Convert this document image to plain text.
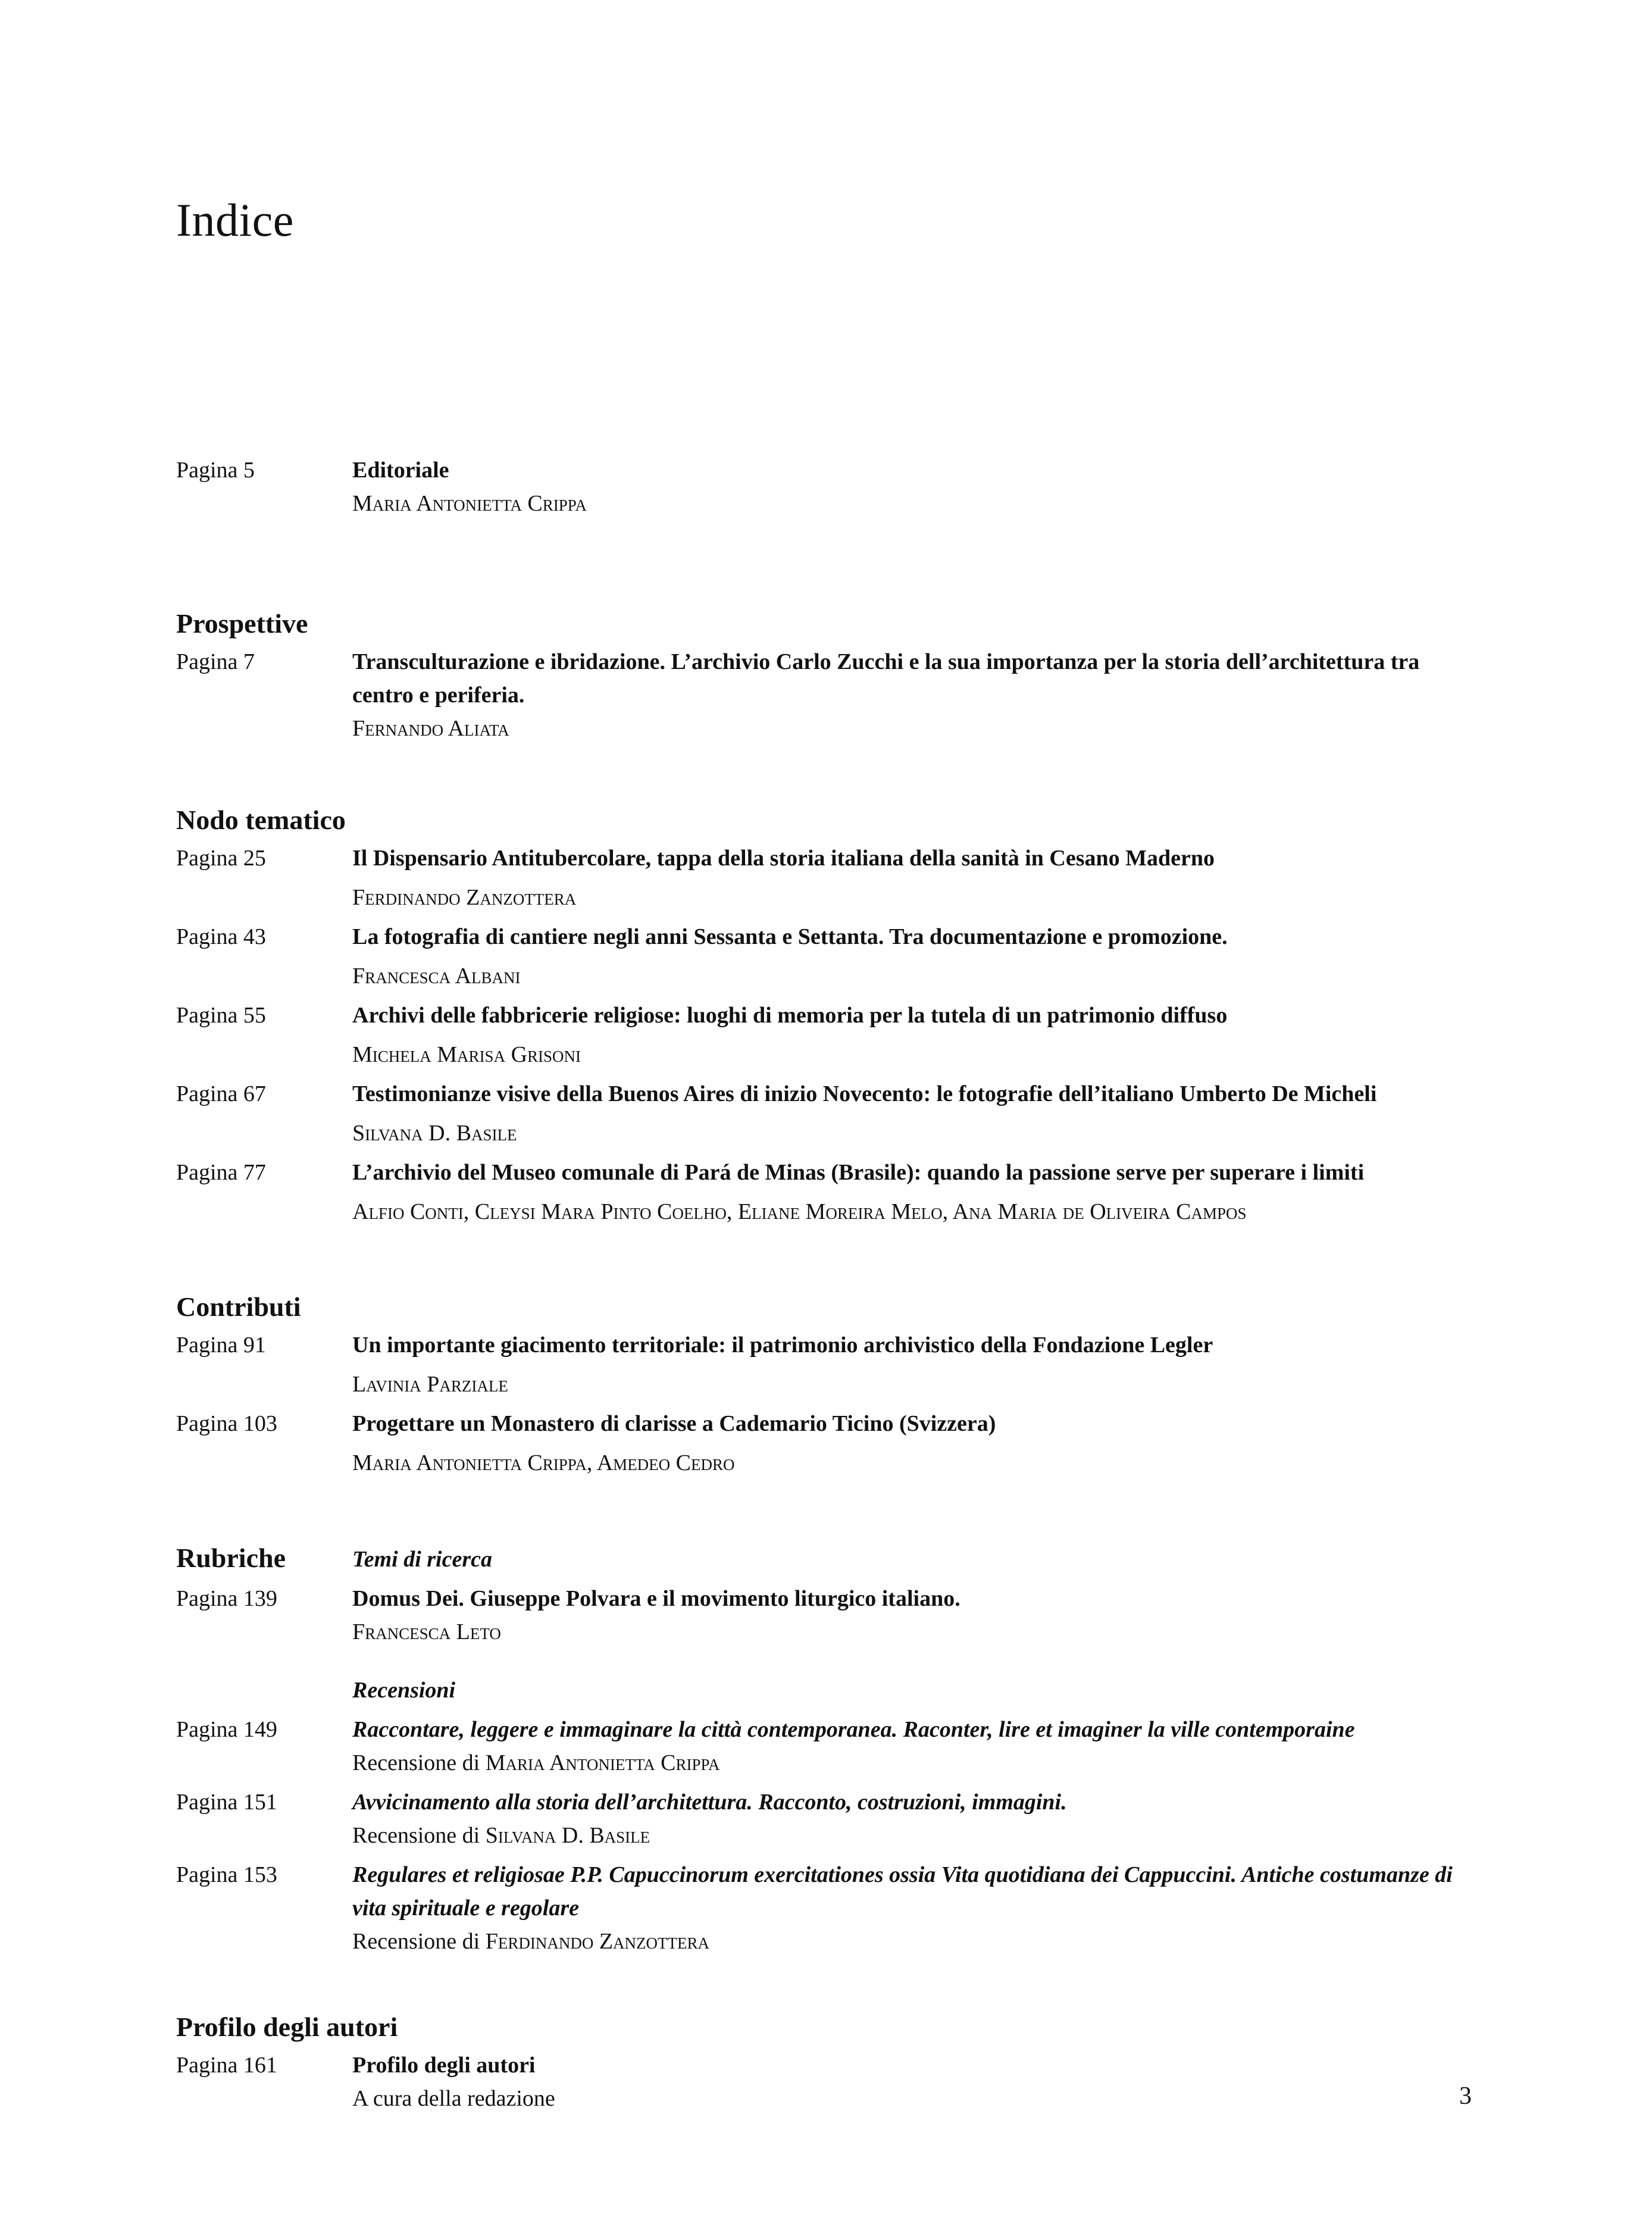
Indice
Pagina 5	Editoriale
Maria Antonietta Crippa
Prospettive
Pagina 7	Transculturazione e ibridazione. L’archivio Carlo Zucchi e la sua importanza per la storia dell’architettura tra centro e periferia.
Fernando Aliata
Nodo tematico
Pagina 25	Il Dispensario Antitubercolare, tappa della storia italiana della sanità in Cesano Maderno
Ferdinando Zanzottera
Pagina 43	La fotografia di cantiere negli anni Sessanta e Settanta. Tra documentazione e promozione.
Francesca Albani
Pagina 55	Archivi delle fabbricerie religiose: luoghi di memoria per la tutela di un patrimonio diffuso
Michela Marisa Grisoni
Pagina 67	Testimonianze visive della Buenos Aires di inizio Novecento: le fotografie dell’italiano Umberto De Micheli
Silvana D. Basile
Pagina 77	L’archivio del Museo comunale di Pará de Minas (Brasile): quando la passione serve per superare i limiti
Alfio Conti, Cleysi Mara Pinto Coelho, Eliane Moreira Melo, Ana Maria de Oliveira Campos
Contributi
Pagina 91	Un importante giacimento territoriale: il patrimonio archivistico della Fondazione Legler
Lavinia Parziale
Pagina 103	Progettare un Monastero di clarisse a Cademario Ticino (Svizzera)
Maria Antonietta Crippa, Amedeo Cedro
Rubriche	Temi di ricerca
Pagina 139	Domus Dei. Giuseppe Polvara e il movimento liturgico italiano.
Francesca Leto
Recensioni
Pagina 149	Raccontare, leggere e immaginare la città contemporanea. Raconter, lire et imaginer la ville contemporaine
Recensione di Maria Antonietta Crippa
Pagina 151	Avvicinamento alla storia dell’architettura. Racconto, costruzioni, immagini.
Recensione di Silvana D. Basile
Pagina 153	Regulares et religiosae P.P. Capuccinorum exercitationes ossia Vita quotidiana dei Cappuccini. Antiche costumanze di vita spirituale e regolare
Recensione di Ferdinando Zanzottera
Profilo degli autori
Pagina 161	Profilo degli autori
A cura della redazione	3
